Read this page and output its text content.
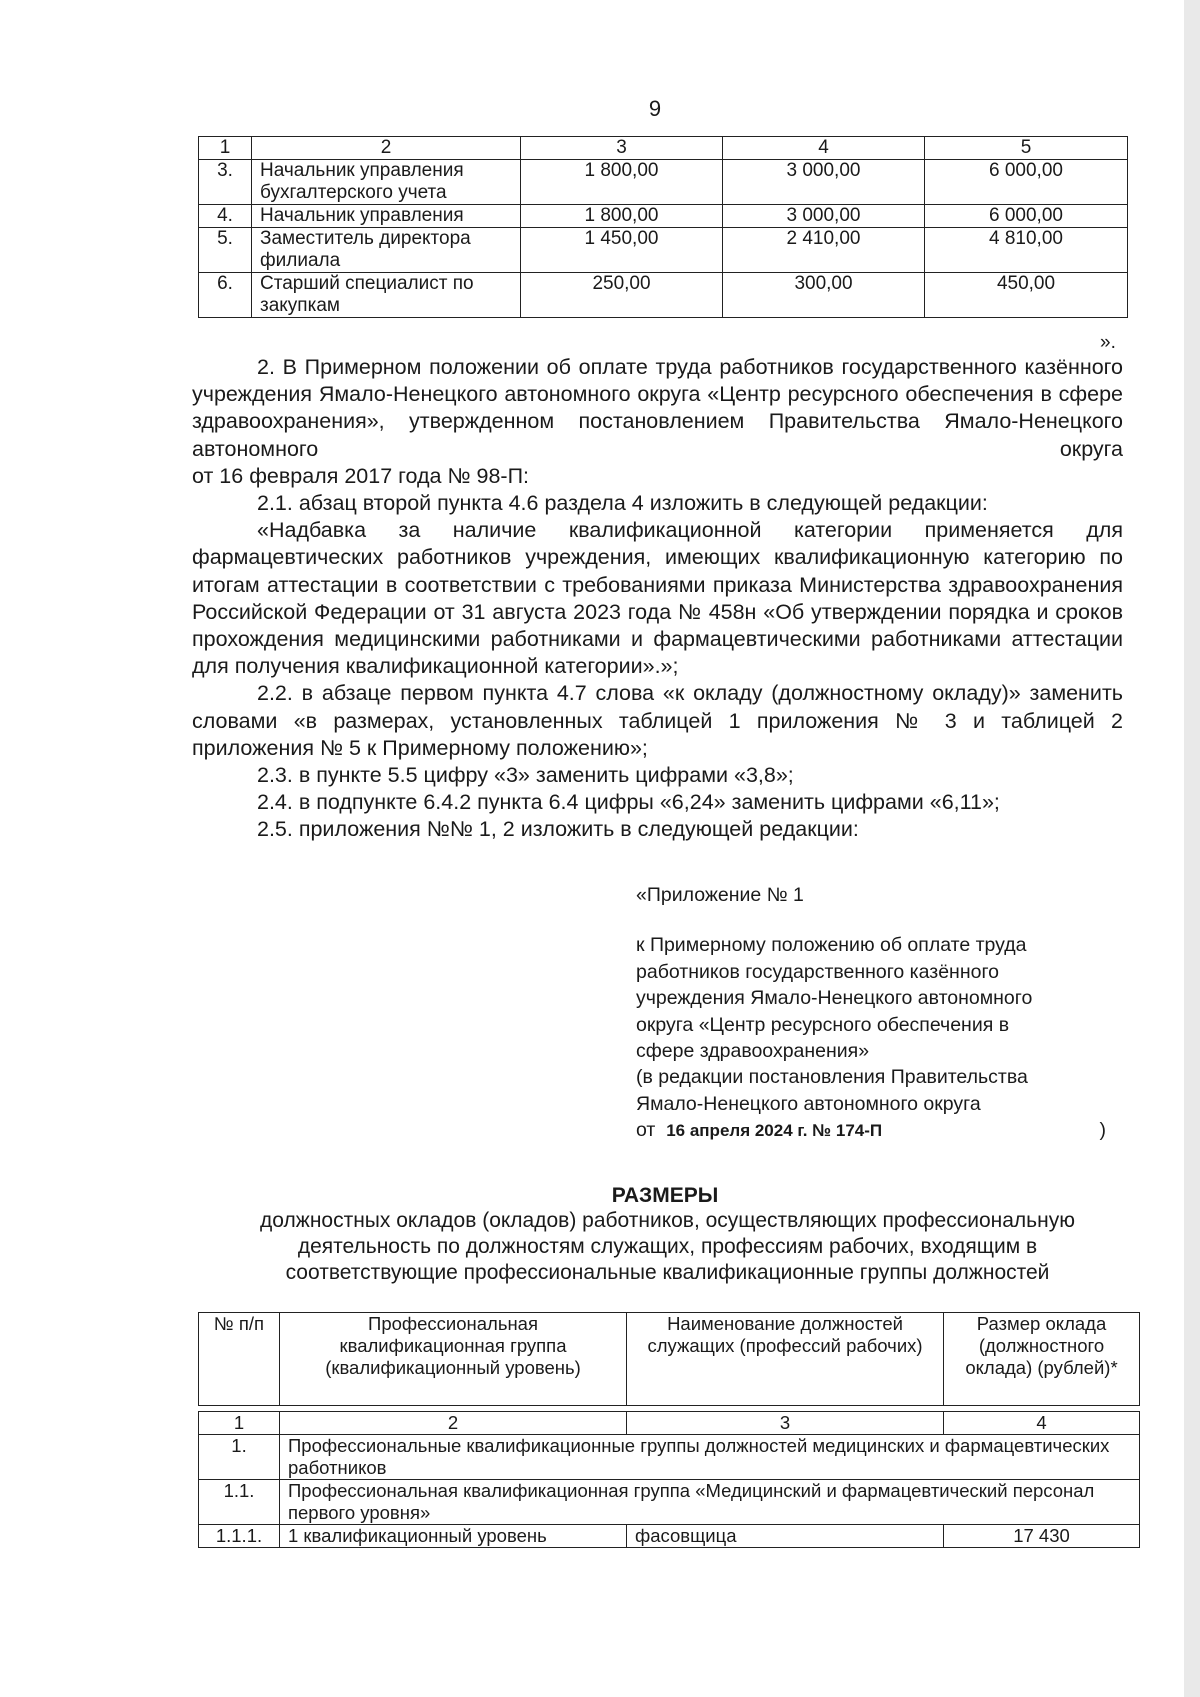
9
1	2	3	4	5
3.	Начальник управления бухгалтерского учета	1 800,00	3 000,00	6 000,00
4.	Начальник управления	1 800,00	3 000,00	6 000,00
5.	Заместитель директора филиала	1 450,00	2 410,00	4 810,00
6.	Старший специалист по закупкам	250,00	300,00	450,00
».

2. В Примерном положении об оплате труда работников государственного казённого учреждения Ямало-Ненецкого автономного округа «Центр ресурсного обеспечения в сфере здравоохранения», утвержденном постановлением Правительства Ямало-Ненецкого автономного округа

от 16 февраля 2017 года № 98-П:

2.1. абзац второй пункта 4.6 раздела 4 изложить в следующей редакции:

«Надбавка за наличие квалификационной категории применяется для фармацевтических работников учреждения, имеющих квалификационную категорию по итогам аттестации в соответствии с требованиями приказа Министерства здравоохранения Российской Федерации от 31 августа 2023 года № 458н «Об утверждении порядка и сроков прохождения медицинскими работниками и фармацевтическими работниками аттестации для получения квалификационной категории».»;

2.2. в абзаце первом пункта 4.7 слова «к окладу (должностному окладу)» заменить словами «в размерах, установленных таблицей 1 приложения № 3 и таблицей 2 приложения № 5 к Примерному положению»;

2.3. в пункте 5.5 цифру «3» заменить цифрами «3,8»;

2.4. в подпункте 6.4.2 пункта 6.4 цифры «6,24» заменить цифрами «6,11»;

2.5. приложения №№ 1, 2 изложить в следующей редакции:

«Приложение № 1

к Примерному положению об оплате труда

работников государственного казённого

учреждения Ямало-Ненецкого автономного

округа «Центр ресурсного обеспечения в

сфере здравоохранения»

(в редакции постановления Правительства

Ямало-Ненецкого автономного округа

от 16 апреля 2024 г. № 174-П	)

РАЗМЕРЫ
должностных окладов (окладов) работников, осуществляющих профессиональную
деятельность по должностям служащих, профессиям рабочих, входящим в
соответствующие профессиональные квалификационные группы должностей
№ п/п	Профессиональная квалификационная группа (квалификационный уровень)	Наименование должностей служащих (профессий рабочих)	Размер оклада (должностного оклада) (рублей)*

1	2	3	4
1.	Профессиональные квалификационные группы должностей медицинских и фармацевтических работников		
1.1.	Профессиональная квалификационная группа «Медицинский и фармацевтический персонал первого уровня»		
1.1.1.	1 квалификационный уровень	фасовщица	17 430
